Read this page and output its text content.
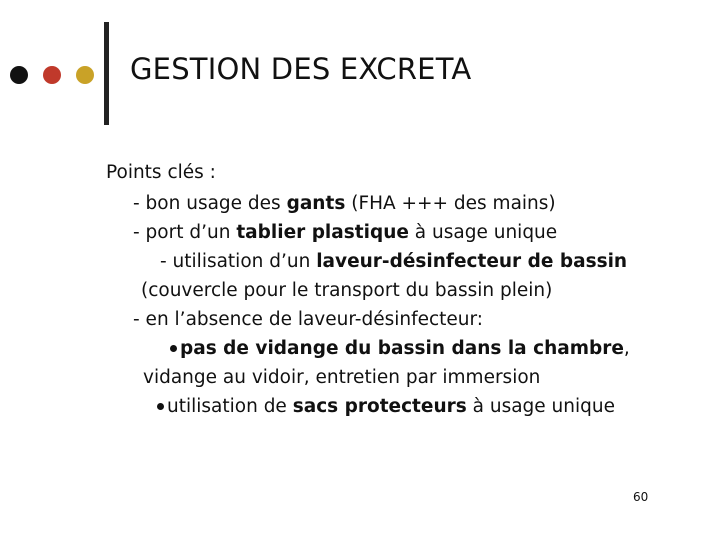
GESTION DES EXCRETA
Points clés :
- bon usage des gants (FHA +++ des mains)
- port d’un tablier plastique à usage unique
- utilisation d’un laveur-désinfecteur de bassin
(couvercle pour le transport du bassin plein)
- en l’absence de laveur-désinfecteur:
pas de vidange du bassin dans la chambre,
vidange au vidoir, entretien par immersion
utilisation de sacs protecteurs à usage unique
60
